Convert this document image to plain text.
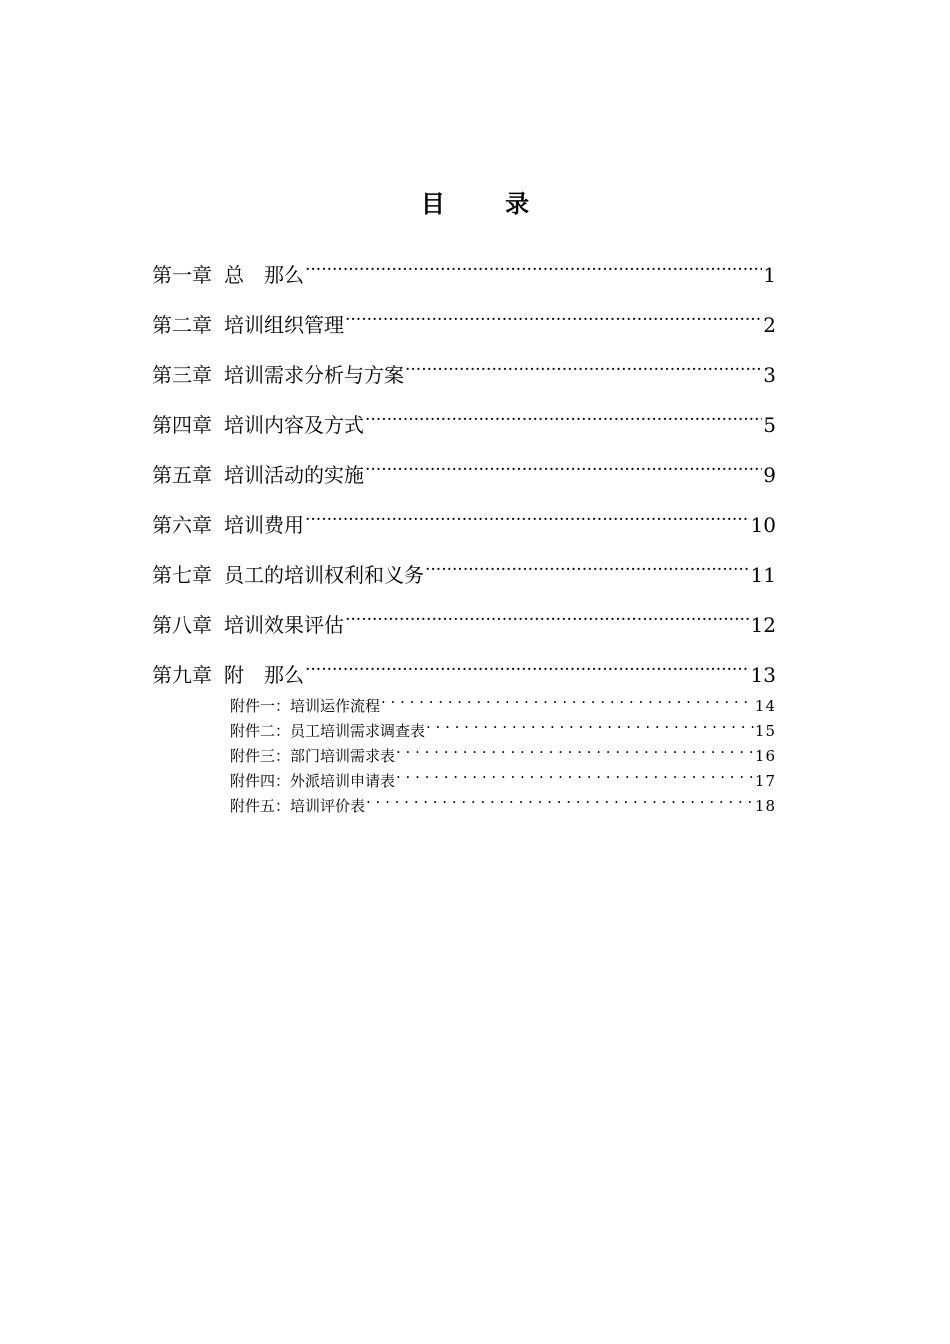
目 录
第一章 总　那么 .....	1
第二章 培训组织管理 .....	2
第三章 培训需求分析与方案 .....	3
第四章 培训内容及方式 .....	5
第五章 培训活动的实施 .....	9
第六章 培训费用 .....	10
第七章 员工的培训权利和义务 .....	11
第八章 培训效果评估 .....	12
第九章 附　那么 .....	13
附件一：培训运作流程 . . .	14
附件二：员工培训需求调查表 . . .	15
附件三：部门培训需求表 . . .	16
附件四：外派培训申请表 . . .	17
附件五：培训评价表 . . .	18
